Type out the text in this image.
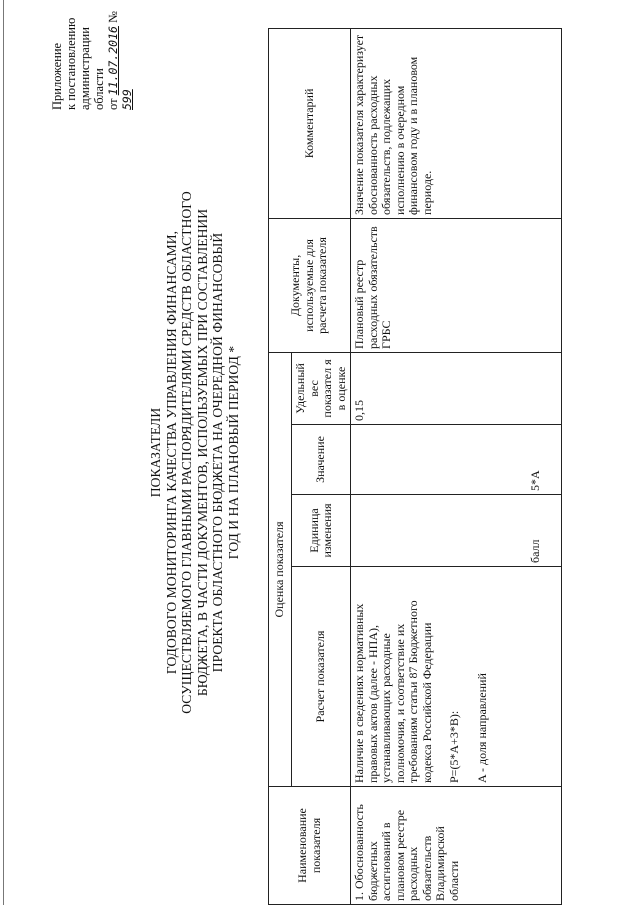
Приложение к постановлению администрации области от 11.07.2016 № 599
ПОКАЗАТЕЛИ ГОДОВОГО МОНИТОРИНГА КАЧЕСТВА УПРАВЛЕНИЯ ФИНАНСАМИ, ОСУЩЕСТВЛЯЕМОГО ГЛАВНЫМИ РАСПОРЯДИТЕЛЯМИ СРЕДСТВ ОБЛАСТНОГО БЮДЖЕТА, В ЧАСТИ ДОКУМЕНТОВ, ИСПОЛЬЗУЕМЫХ ПРИ СОСТАВЛЕНИИ ПРОЕКТА ОБЛАСТНОГО БЮДЖЕТА НА ОЧЕРЕДНОЙ ФИНАНСОВЫЙ ГОД И НА ПЛАНОВЫЙ ПЕРИОД *
Наименование показателя	Оценка показателя				Документы, используемые для расчета показателя	Комментарий
	Расчет показателя	Единица изменения	Значение	Удельный вес показател я в оценке		
1. Обоснованность бюджетных ассигнований в плановом реестре расходных обязательств Владимирской области	Наличие в сведениях нормативных правовых актов (далее - НПА), устанавливающих расходные полномочия, и соответствие их требованиям статьи 87 Бюджетного кодекса Российской Федерации P=(5*A+3*B): A - доля направлений	балл	5*A	0,15	Плановый реестр расходных обязательств ГРБС	Значение показателя характеризует обоснованность расходных обязательств, подлежащих исполнению в очередном финансовом году и в плановом периоде.
